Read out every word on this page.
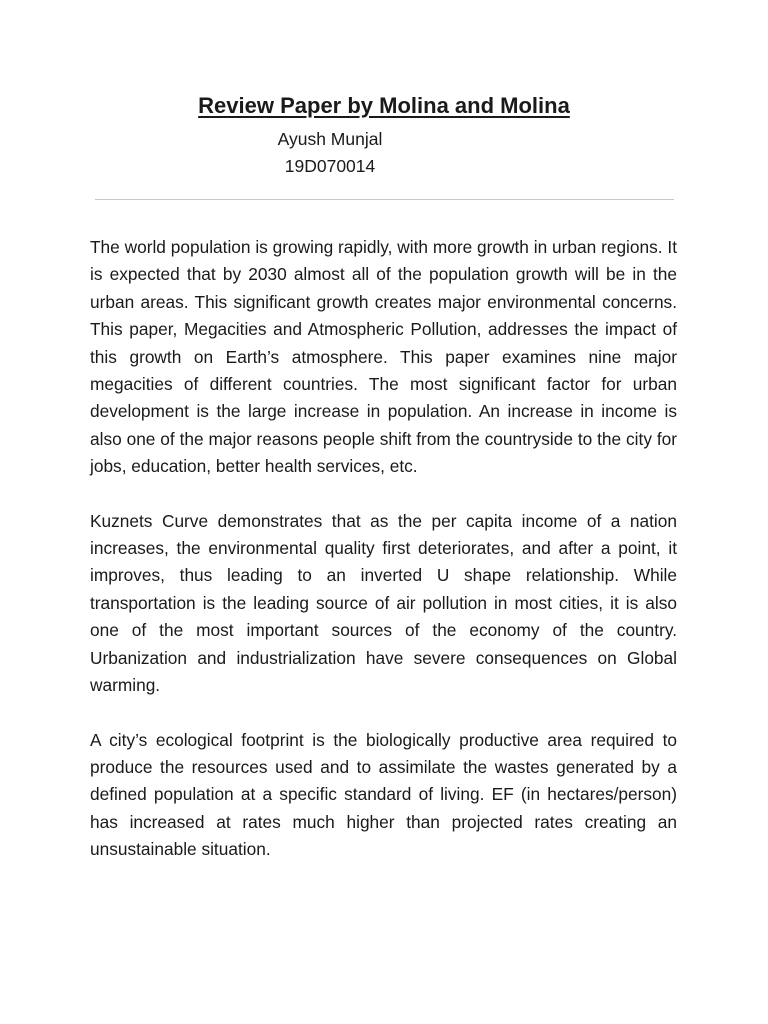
Review Paper by Molina and Molina

Ayush Munjal

19D070014

The world population is growing rapidly, with more growth in urban regions. It is expected that by 2030 almost all of the population growth will be in the urban areas. This significant growth creates major environmental concerns. This paper, Megacities and Atmospheric Pollution, addresses the impact of this growth on Earth’s atmosphere. This paper examines nine major megacities of different countries. The most significant factor for urban development is the large increase in population. An increase in income is also one of the major reasons people shift from the countryside to the city for jobs, education, better health services, etc.

Kuznets Curve demonstrates that as the per capita income of a nation increases, the environmental quality first deteriorates, and after a point, it improves, thus leading to an inverted U shape relationship. While transportation is the leading source of air pollution in most cities, it is also one of the most important sources of the economy of the country. Urbanization and industrialization have severe consequences on Global warming.

A city’s ecological footprint is the biologically productive area required to produce the resources used and to assimilate the wastes generated by a defined population at a specific standard of living. EF (in hectares/person) has increased at rates much higher than projected rates creating an unsustainable situation.
